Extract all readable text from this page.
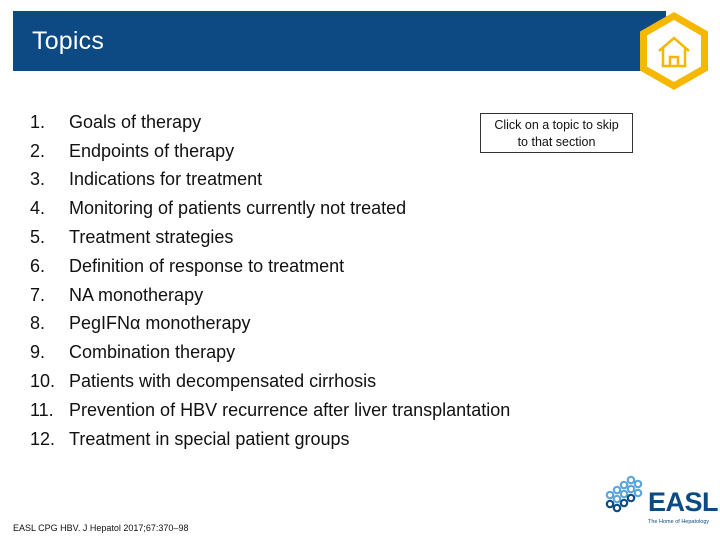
Topics
1.	Goals of therapy
2.	Endpoints of therapy
3.	Indications for treatment
4.	Monitoring of patients currently not treated
5.	Treatment strategies
6.	Definition of response to treatment
7.	NA monotherapy
8.	PegIFNα monotherapy
9.	Combination therapy
10. Patients with decompensated cirrhosis
11. Prevention of HBV recurrence after liver transplantation
12. Treatment in special patient groups
Click on a topic to skip
to that section
EASL CPG HBV. J Hepatol 2017;67:370–98
EASL
The Home of Hepatology
